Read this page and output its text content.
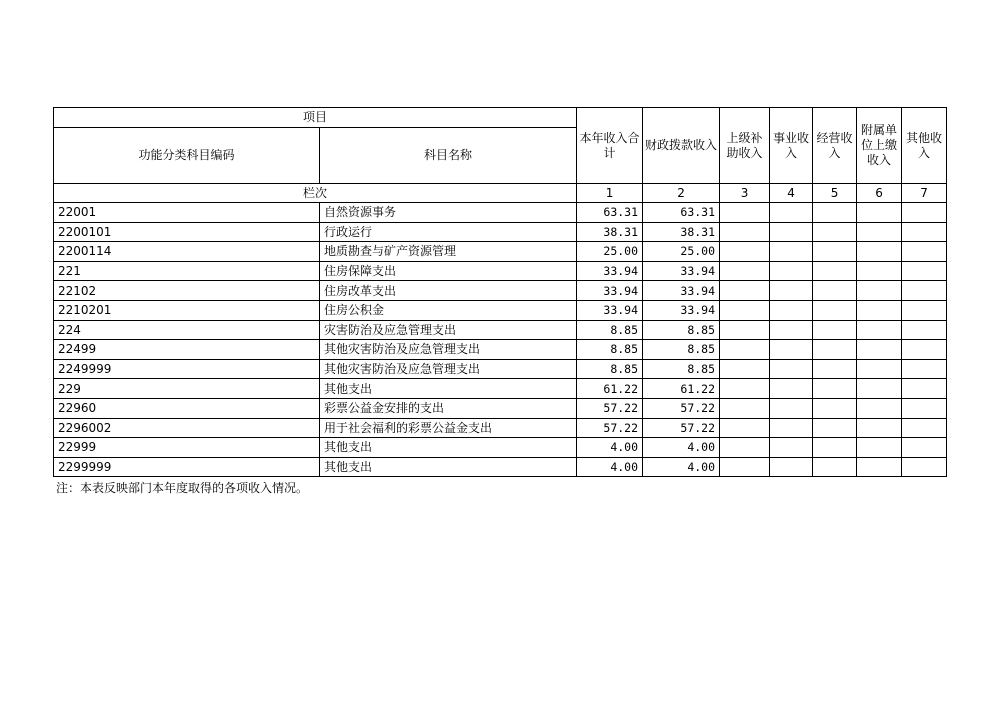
项目		本年收入合计	财政拨款收入	上级补助收入	事业收入	经营收入	附属单位上缴收入	其他收入
功能分类科目编码	科目名称							
栏次		1	2	3	4	5	6	7
22001	自然资源事务	63.31	63.31					
2200101	行政运行	38.31	38.31					
2200114	地质勘查与矿产资源管理	25.00	25.00					
221	住房保障支出	33.94	33.94					
22102	住房改革支出	33.94	33.94					
2210201	住房公积金	33.94	33.94					
224	灾害防治及应急管理支出	8.85	8.85					
22499	其他灾害防治及应急管理支出	8.85	8.85					
2249999	其他灾害防治及应急管理支出	8.85	8.85					
229	其他支出	61.22	61.22					
22960	彩票公益金安排的支出	57.22	57.22					
2296002	用于社会福利的彩票公益金支出	57.22	57.22					
22999	其他支出	4.00	4.00					
2299999	其他支出	4.00	4.00					
注：本表反映部门本年度取得的各项收入情况。
